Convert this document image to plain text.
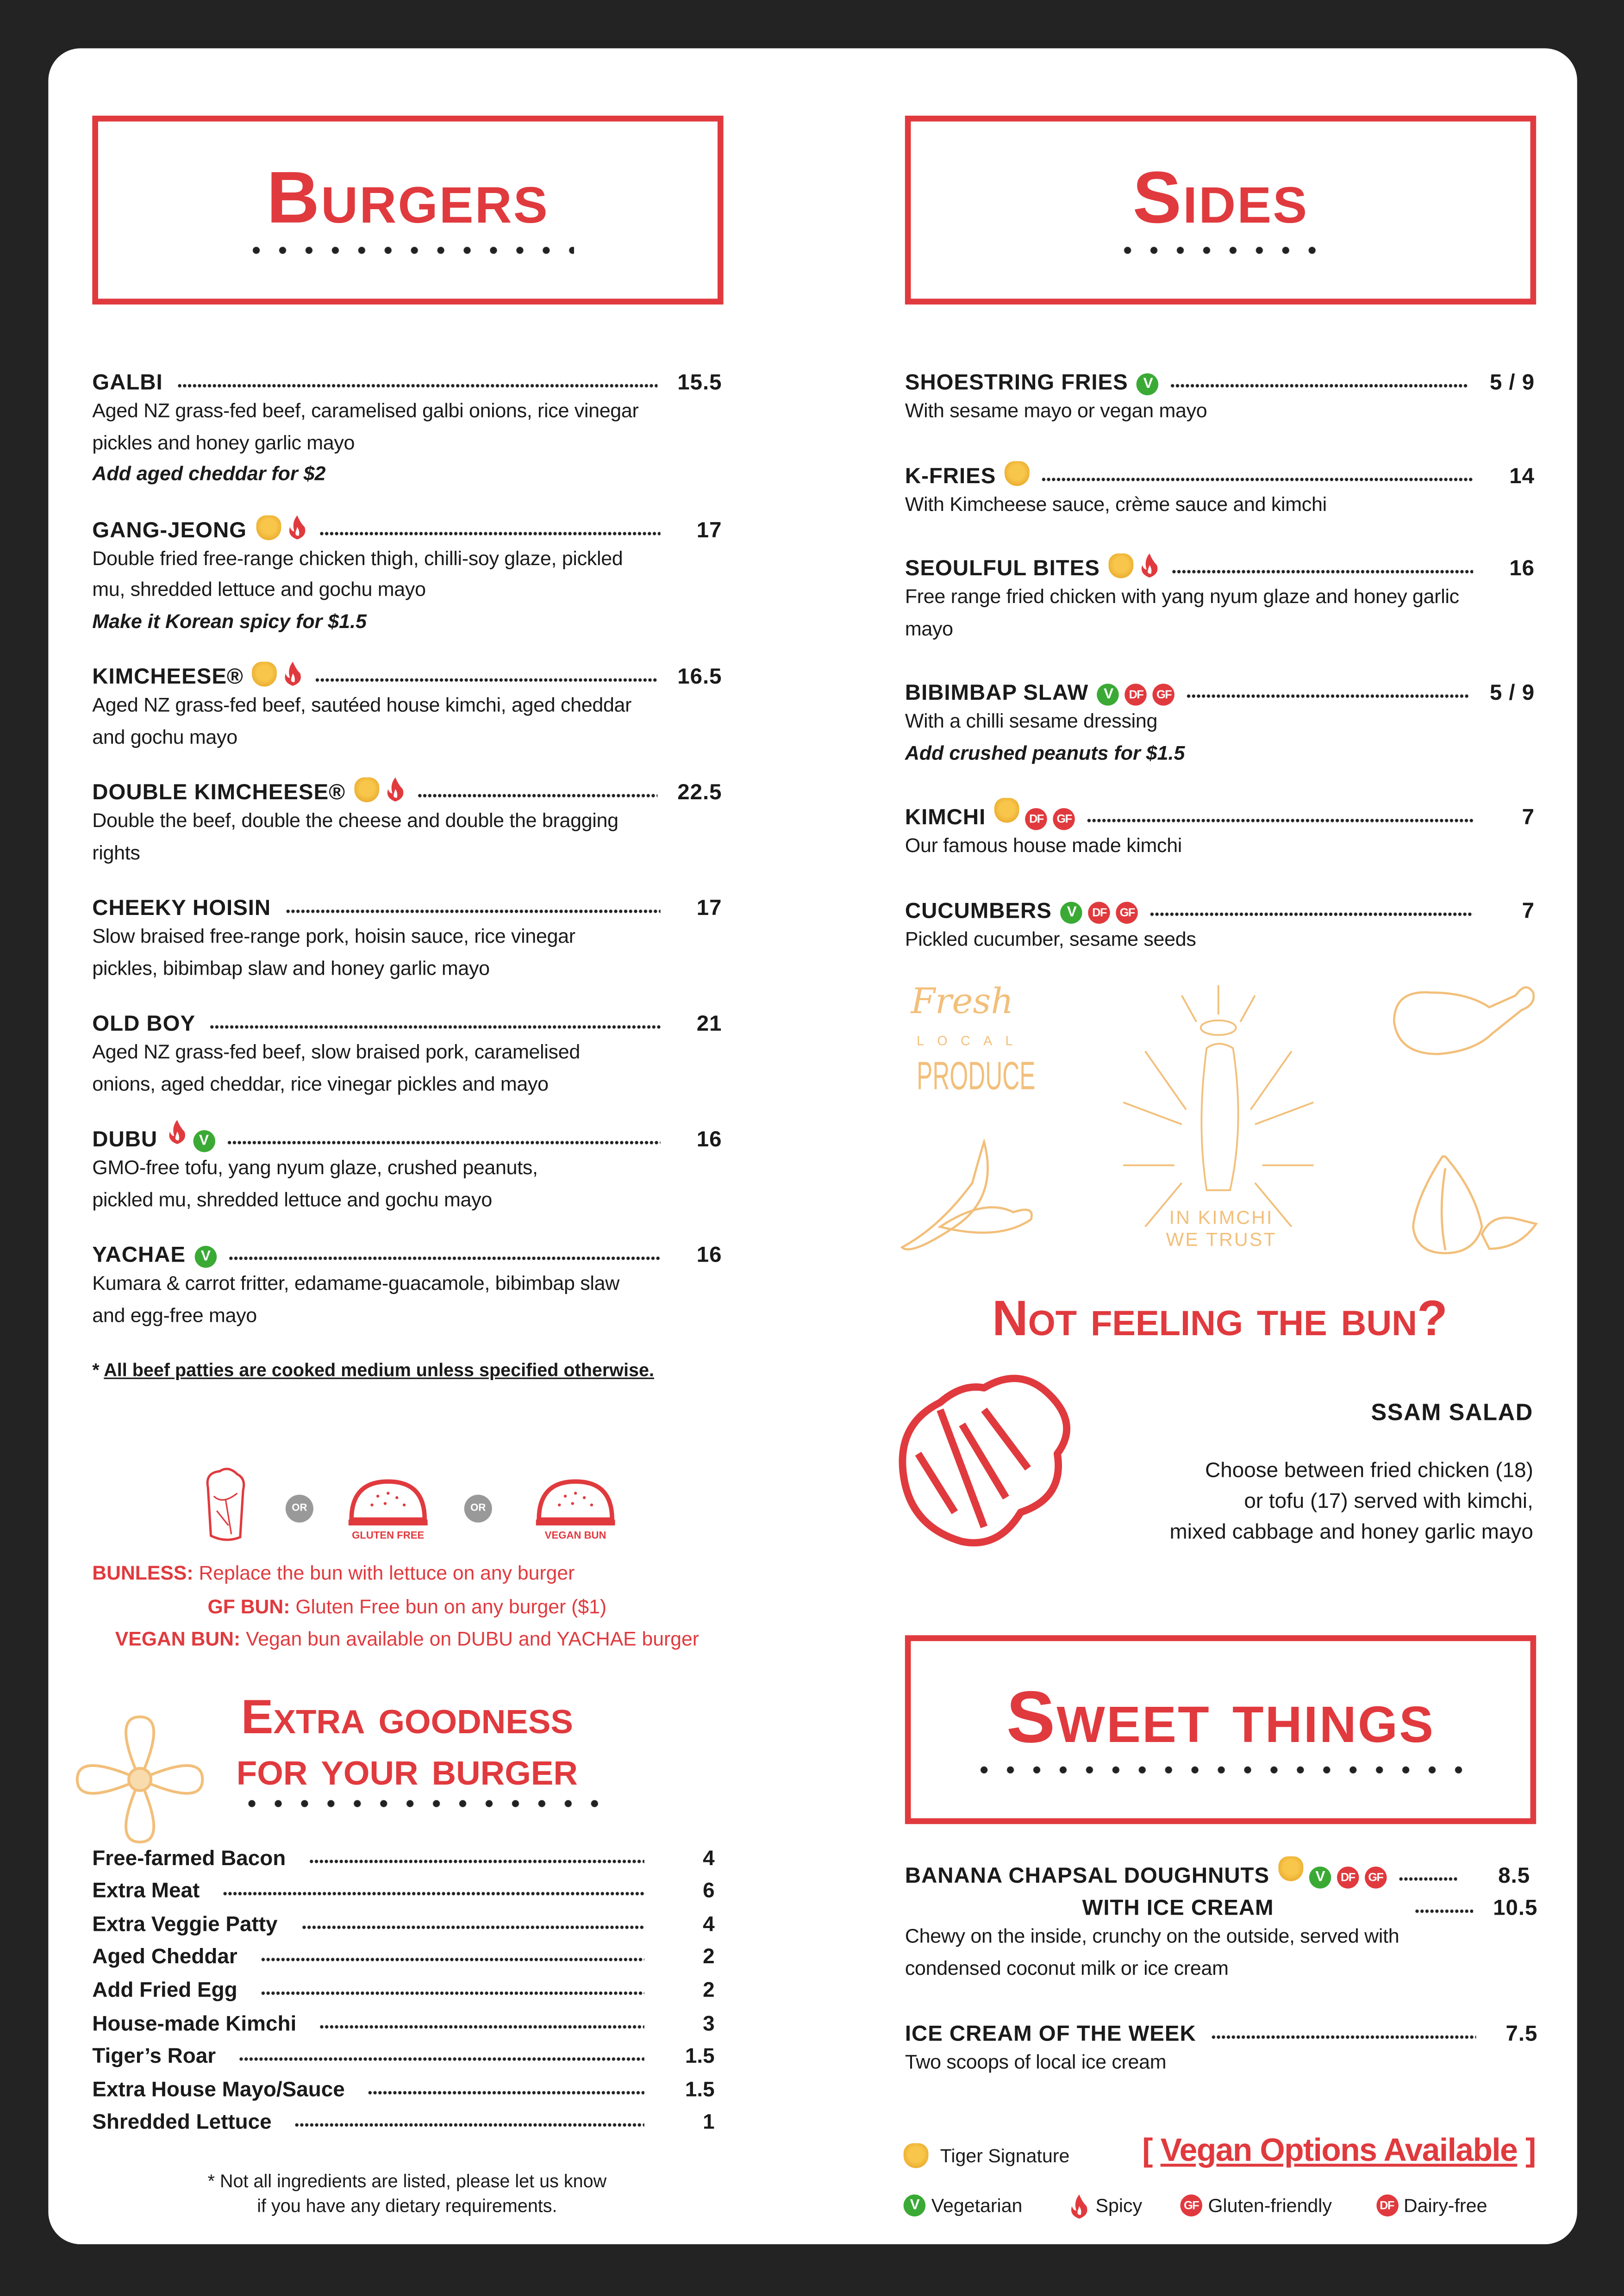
Burgers
GALBI	15.5
Aged NZ grass-fed beef, caramelised galbi onions, rice vinegar
pickles and honey garlic mayo
Add aged cheddar for $2
GANG-JEONG	17
Double fried free-range chicken thigh, chilli-soy glaze, pickled
mu, shredded lettuce and gochu mayo
Make it Korean spicy for $1.5
KIMCHEESE®	16.5
Aged NZ grass-fed beef, sautéed house kimchi, aged cheddar
and gochu mayo
DOUBLE KIMCHEESE®	22.5
Double the beef, double the cheese and double the bragging
rights
CHEEKY HOISIN	17
Slow braised free-range pork, hoisin sauce, rice vinegar
pickles, bibimbap slaw and honey garlic mayo
OLD BOY	21
Aged NZ grass-fed beef, slow braised pork, caramelised
onions, aged cheddar, rice vinegar pickles and mayo
DUBU	V	16
GMO-free tofu, yang nyum glaze, crushed peanuts,
pickled mu, shredded lettuce and gochu mayo
YACHAE	V	16
Kumara & carrot fritter, edamame-guacamole, bibimbap slaw
and egg-free mayo
* All beef patties are cooked medium unless specified otherwise.
OR
GLUTEN FREE
OR
VEGAN BUN
BUNLESS: Replace the bun with lettuce on any burger
GF BUN: Gluten Free bun on any burger ($1)
VEGAN BUN: Vegan bun available on DUBU and YACHAE burger
Extra goodness
for your burger
Free-farmed Bacon	4
Extra Meat	6
Extra Veggie Patty	4
Aged Cheddar	2
Add Fried Egg	2
House-made Kimchi	3
Tiger’s Roar	1.5
Extra House Mayo/Sauce	1.5
Shredded Lettuce	1
* Not all ingredients are listed, please let us know
if you have any dietary requirements.
Sides
SHOESTRING FRIES	V	5 / 9
With sesame mayo or vegan mayo
K-FRIES	14
With Kimcheese sauce, crème sauce and kimchi
SEOULFUL BITES	16
Free range fried chicken with yang nyum glaze and honey garlic
mayo
BIBIMBAP SLAW	V	DF	GF	5 / 9
With a chilli sesame dressing
Add crushed peanuts for $1.5
KIMCHI	DF	GF	7
Our famous house made kimchi
CUCUMBERS	V	DF	GF	7
Pickled cucumber, sesame seeds
Fresh
LOCAL
PRODUCE
IN KIMCHI
WE TRUST
Not feeling the bun?
SSAM SALAD
Choose between fried chicken (18)
or tofu (17) served with kimchi,
mixed cabbage and honey garlic mayo
Sweet things
BANANA CHAPSAL DOUGHNUTS	V	DF	GF	8.5
WITH ICE CREAM	10.5
Chewy on the inside, crunchy on the outside, served with
condensed coconut milk or ice cream
ICE CREAM OF THE WEEK	7.5
Two scoops of local ice cream
Tiger Signature	[ Vegan Options Available ]
V	Vegetarian	Spicy	GF	Gluten-friendly	DF	Dairy-free
